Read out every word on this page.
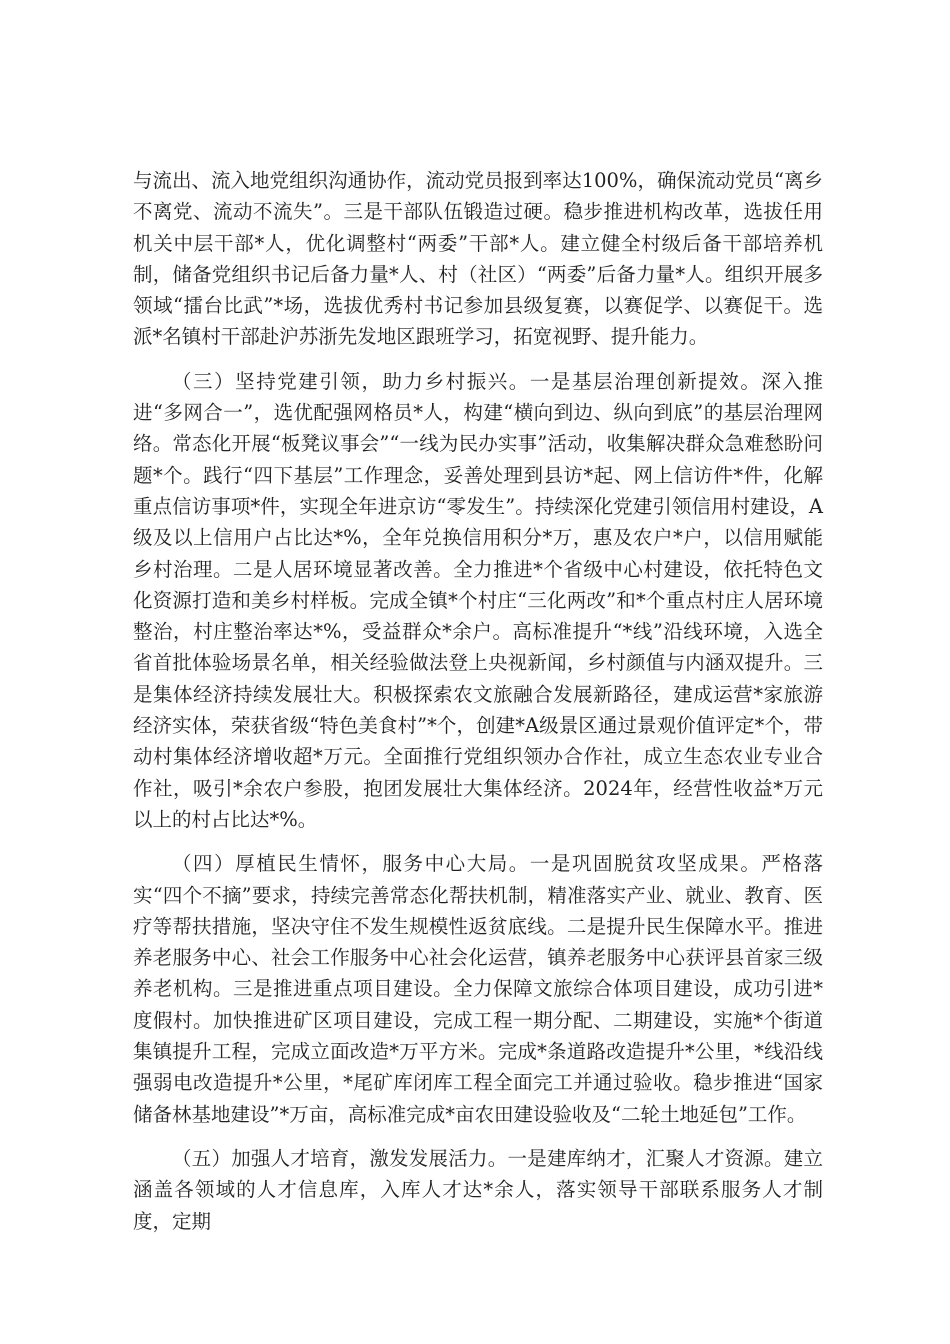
与流出、流入地党组织沟通协作，流动党员报到率达100%，确保流动党员“离乡不离党、流动不流失”。三是干部队伍锻造过硬。稳步推进机构改革，选拔任用机关中层干部*人，优化调整村“两委”干部*人。建立健全村级后备干部培养机制，储备党组织书记后备力量*人、村（社区）“两委”后备力量*人。组织开展多领域“擂台比武”*场，选拔优秀村书记参加县级复赛，以赛促学、以赛促干。选派*名镇村干部赴沪苏浙先发地区跟班学习，拓宽视野、提升能力。

（三）坚持党建引领，助力乡村振兴。一是基层治理创新提效。深入推进“多网合一”，选优配强网格员*人，构建“横向到边、纵向到底”的基层治理网络。常态化开展“板凳议事会”“一线为民办实事”活动，收集解决群众急难愁盼问题*个。践行“四下基层”工作理念，妥善处理到县访*起、网上信访件*件，化解重点信访事项*件，实现全年进京访“零发生”。持续深化党建引领信用村建设，A级及以上信用户占比达*%，全年兑换信用积分*万，惠及农户*户，以信用赋能乡村治理。二是人居环境显著改善。全力推进*个省级中心村建设，依托特色文化资源打造和美乡村样板。完成全镇*个村庄“三化两改”和*个重点村庄人居环境整治，村庄整治率达*%，受益群众*余户。高标准提升“*线”沿线环境，入选全省首批体验场景名单，相关经验做法登上央视新闻，乡村颜值与内涵双提升。三是集体经济持续发展壮大。积极探索农文旅融合发展新路径，建成运营*家旅游经济实体，荣获省级“特色美食村”*个，创建*A级景区通过景观价值评定*个，带动村集体经济增收超*万元。全面推行党组织领办合作社，成立生态农业专业合作社，吸引*余农户参股，抱团发展壮大集体经济。2024年，经营性收益*万元以上的村占比达*%。

（四）厚植民生情怀，服务中心大局。一是巩固脱贫攻坚成果。严格落实“四个不摘”要求，持续完善常态化帮扶机制，精准落实产业、就业、教育、医疗等帮扶措施，坚决守住不发生规模性返贫底线。二是提升民生保障水平。推进养老服务中心、社会工作服务中心社会化运营，镇养老服务中心获评县首家三级养老机构。三是推进重点项目建设。全力保障文旅综合体项目建设，成功引进*度假村。加快推进矿区项目建设，完成工程一期分配、二期建设，实施*个街道集镇提升工程，完成立面改造*万平方米。完成*条道路改造提升*公里，*线沿线强弱电改造提升*公里，*尾矿库闭库工程全面完工并通过验收。稳步推进“国家储备林基地建设”*万亩，高标准完成*亩农田建设验收及“二轮土地延包”工作。

（五）加强人才培育，激发发展活力。一是建库纳才，汇聚人才资源。建立涵盖各领域的人才信息库，入库人才达*余人，落实领导干部联系服务人才制度，定期
